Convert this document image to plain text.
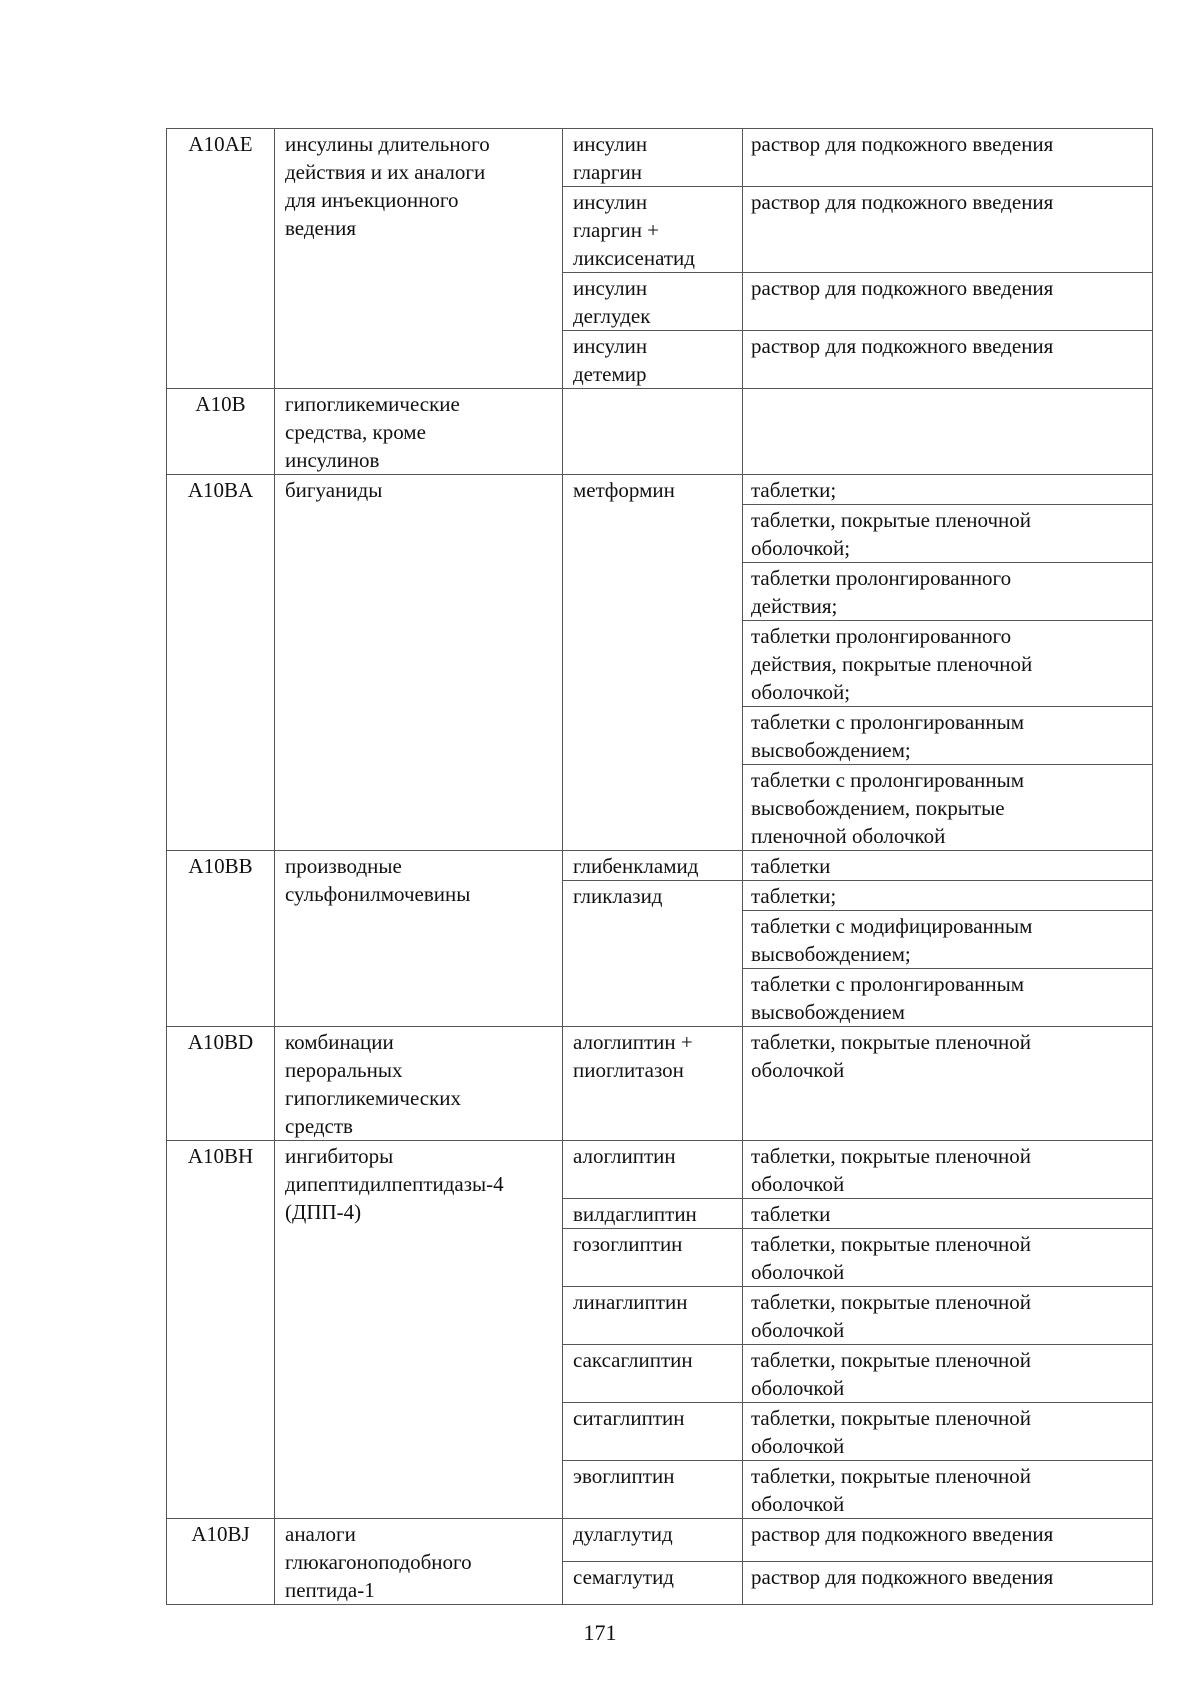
A10AE	инсулины длительного
действия и их аналоги
для инъекционного
ведения	инсулин
гларгин	раствор для подкожного введения
		инсулин
гларгин +
ликсисенатид	раствор для подкожного введения
		инсулин
деглудек	раствор для подкожного введения
		инсулин
детемир	раствор для подкожного введения
A10B	гипогликемические
средства, кроме
инсулинов		
A10BA	бигуаниды	метформин	таблетки;
			таблетки, покрытые пленочной
оболочкой;
			таблетки пролонгированного
действия;
			таблетки пролонгированного
действия, покрытые пленочной
оболочкой;
			таблетки с пролонгированным
высвобождением;
			таблетки с пролонгированным
высвобождением, покрытые
пленочной оболочкой
A10BB	производные
сульфонилмочевины	глибенкламид	таблетки
		гликлазид	таблетки;
			таблетки с модифицированным
высвобождением;
			таблетки с пролонгированным
высвобождением
A10BD	комбинации
пероральных
гипогликемических
средств	алоглиптин +
пиоглитазон	таблетки, покрытые пленочной
оболочкой
A10BH	ингибиторы
дипептидилпептидазы-4
(ДПП-4)	алоглиптин	таблетки, покрытые пленочной
оболочкой
		вилдаглиптин	таблетки
		гозоглиптин	таблетки, покрытые пленочной
оболочкой
		линаглиптин	таблетки, покрытые пленочной
оболочкой
		саксаглиптин	таблетки, покрытые пленочной
оболочкой
		ситаглиптин	таблетки, покрытые пленочной
оболочкой
		эвоглиптин	таблетки, покрытые пленочной
оболочкой
A10BJ	аналоги
глюкагоноподобного
пептида-1	дулаглутид	раствор для подкожного введения
		семаглутид	раствор для подкожного введения
171
